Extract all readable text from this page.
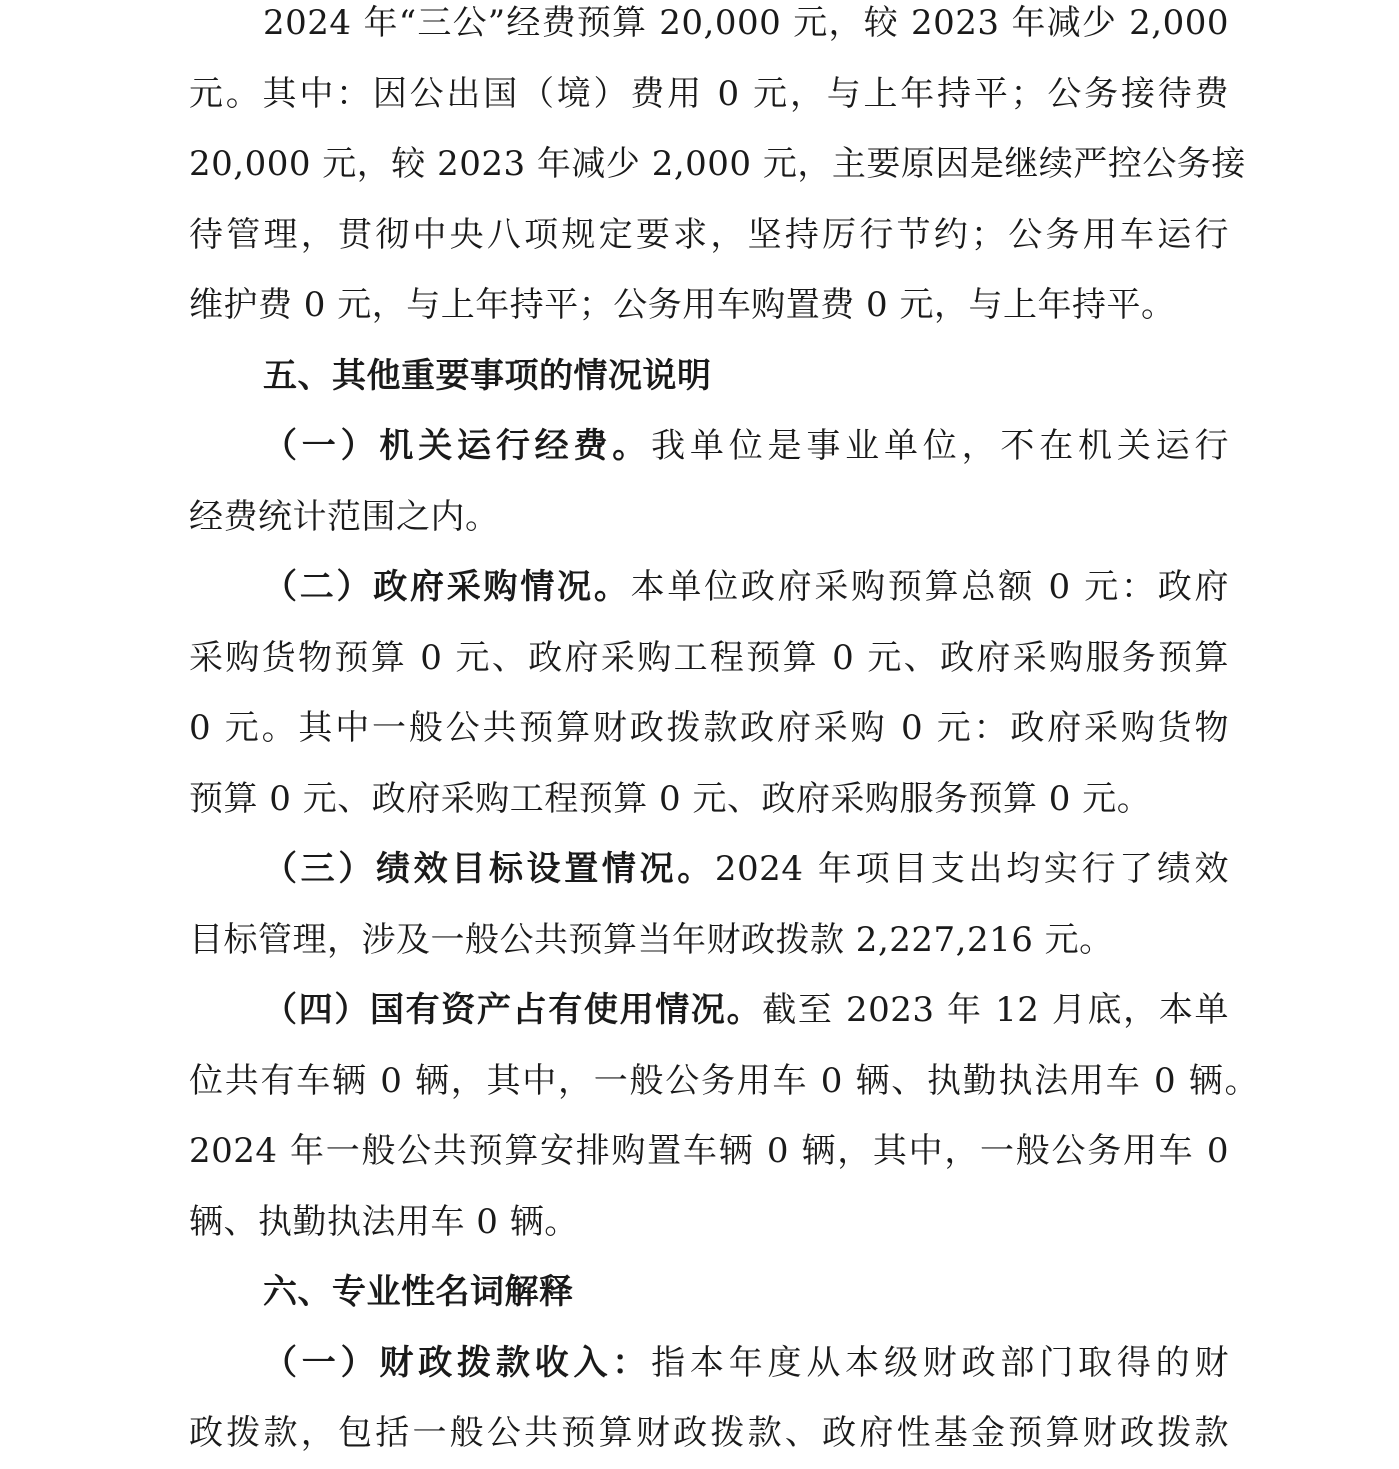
2024 年“三公”经费预算 20,000 元，较 2023 年减少 2,000
元。其中：因公出国（境）费用 0 元，与上年持平；公务接待费
20,000 元，较 2023 年减少 2,000 元，主要原因是继续严控公务接
待管理，贯彻中央八项规定要求，坚持厉行节约；公务用车运行
维护费 0 元，与上年持平；公务用车购置费 0 元，与上年持平。
五、其他重要事项的情况说明
（一）机关运行经费。我单位是事业单位，不在机关运行
经费统计范围之内。
（二）政府采购情况。本单位政府采购预算总额 0 元：政府
采购货物预算 0 元、政府采购工程预算 0 元、政府采购服务预算
0 元。其中一般公共预算财政拨款政府采购 0 元：政府采购货物
预算 0 元、政府采购工程预算 0 元、政府采购服务预算 0 元。
（三）绩效目标设置情况。2024 年项目支出均实行了绩效
目标管理，涉及一般公共预算当年财政拨款 2,227,216 元。
（四）国有资产占有使用情况。截至 2023 年 12 月底，本单
位共有车辆 0 辆，其中，一般公务用车 0 辆、执勤执法用车 0 辆。
2024 年一般公共预算安排购置车辆 0 辆，其中，一般公务用车 0
辆、执勤执法用车 0 辆。
六、专业性名词解释
（一）财政拨款收入：指本年度从本级财政部门取得的财
政拨款，包括一般公共预算财政拨款、政府性基金预算财政拨款
